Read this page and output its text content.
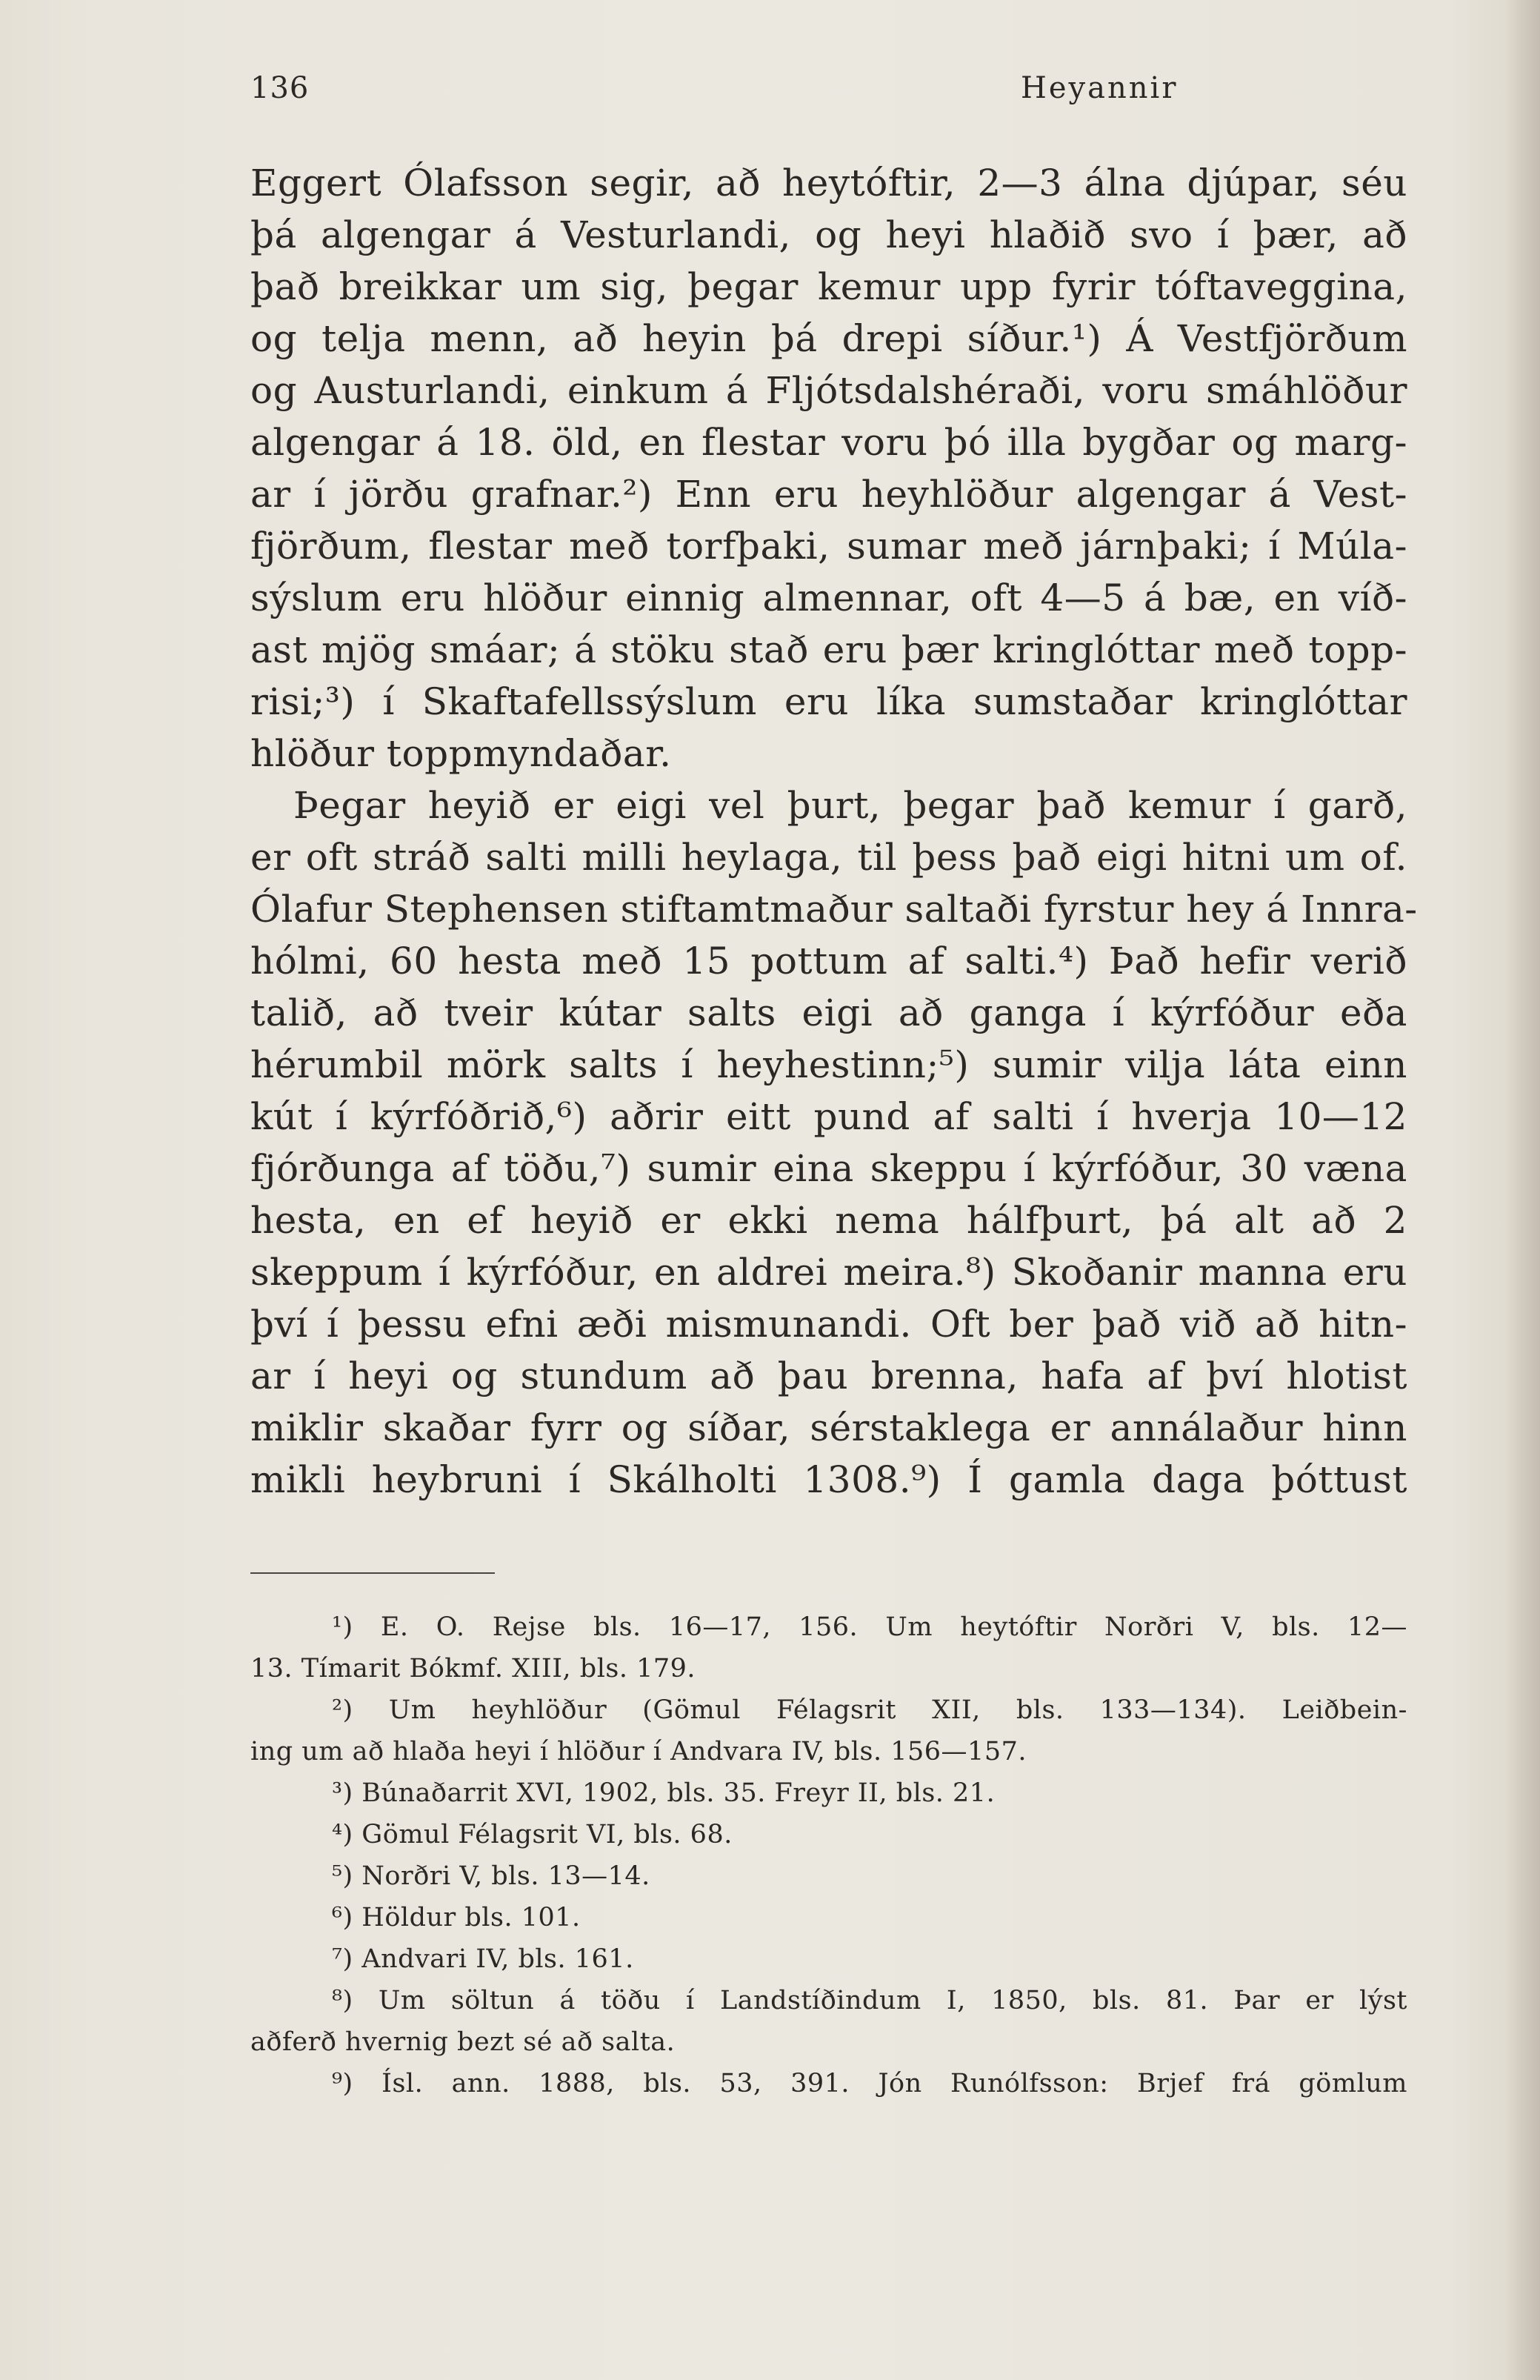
136	Heyannir
Eggert Ólafsson segir, að heytóftir, 2—3 álna djúpar, séu
þá algengar á Vesturlandi, og heyi hlaðið svo í þær, að
það breikkar um sig, þegar kemur upp fyrir tóftaveggina,
og telja menn, að heyin þá drepi síður.¹) Á Vestfjörðum
og Austurlandi, einkum á Fljótsdalshéraði, voru smáhlöður
algengar á 18. öld, en flestar voru þó illa bygðar og marg-
ar í jörðu grafnar.²) Enn eru heyhlöður algengar á Vest-
fjörðum, flestar með torfþaki, sumar með járnþaki; í Múla-
sýslum eru hlöður einnig almennar, oft 4—5 á bæ, en víð-
ast mjög smáar; á stöku stað eru þær kringlóttar með topp-
risi;³) í Skaftafellssýslum eru líka sumstaðar kringlóttar
hlöður toppmyndaðar.
Þegar heyið er eigi vel þurt, þegar það kemur í garð,
er oft stráð salti milli heylaga, til þess það eigi hitni um of.
Ólafur Stephensen stiftamtmaður saltaði fyrstur hey á Innra-
hólmi, 60 hesta með 15 pottum af salti.⁴) Það hefir verið
talið, að tveir kútar salts eigi að ganga í kýrfóður eða
hérumbil mörk salts í heyhestinn;⁵) sumir vilja láta einn
kút í kýrfóðrið,⁶) aðrir eitt pund af salti í hverja 10—12
fjórðunga af töðu,⁷) sumir eina skeppu í kýrfóður, 30 væna
hesta, en ef heyið er ekki nema hálfþurt, þá alt að 2
skeppum í kýrfóður, en aldrei meira.⁸) Skoðanir manna eru
því í þessu efni æði mismunandi. Oft ber það við að hitn-
ar í heyi og stundum að þau brenna, hafa af því hlotist
miklir skaðar fyrr og síðar, sérstaklega er annálaður hinn
mikli heybruni í Skálholti 1308.⁹) Í gamla daga þóttust
¹) E. O. Rejse bls. 16—17, 156. Um heytóftir Norðri V, bls. 12—
13. Tímarit Bókmf. XIII, bls. 179.
²) Um heyhlöður (Gömul Félagsrit XII, bls. 133—134). Leiðbein-
ing um að hlaða heyi í hlöður í Andvara IV, bls. 156—157.
³) Búnaðarrit XVI, 1902, bls. 35. Freyr II, bls. 21.
⁴) Gömul Félagsrit VI, bls. 68.
⁵) Norðri V, bls. 13—14.
⁶) Höldur bls. 101.
⁷) Andvari IV, bls. 161.
⁸) Um söltun á töðu í Landstíðindum I, 1850, bls. 81. Þar er lýst
aðferð hvernig bezt sé að salta.
⁹) Ísl. ann. 1888, bls. 53, 391. Jón Runólfsson: Brjef frá gömlum
